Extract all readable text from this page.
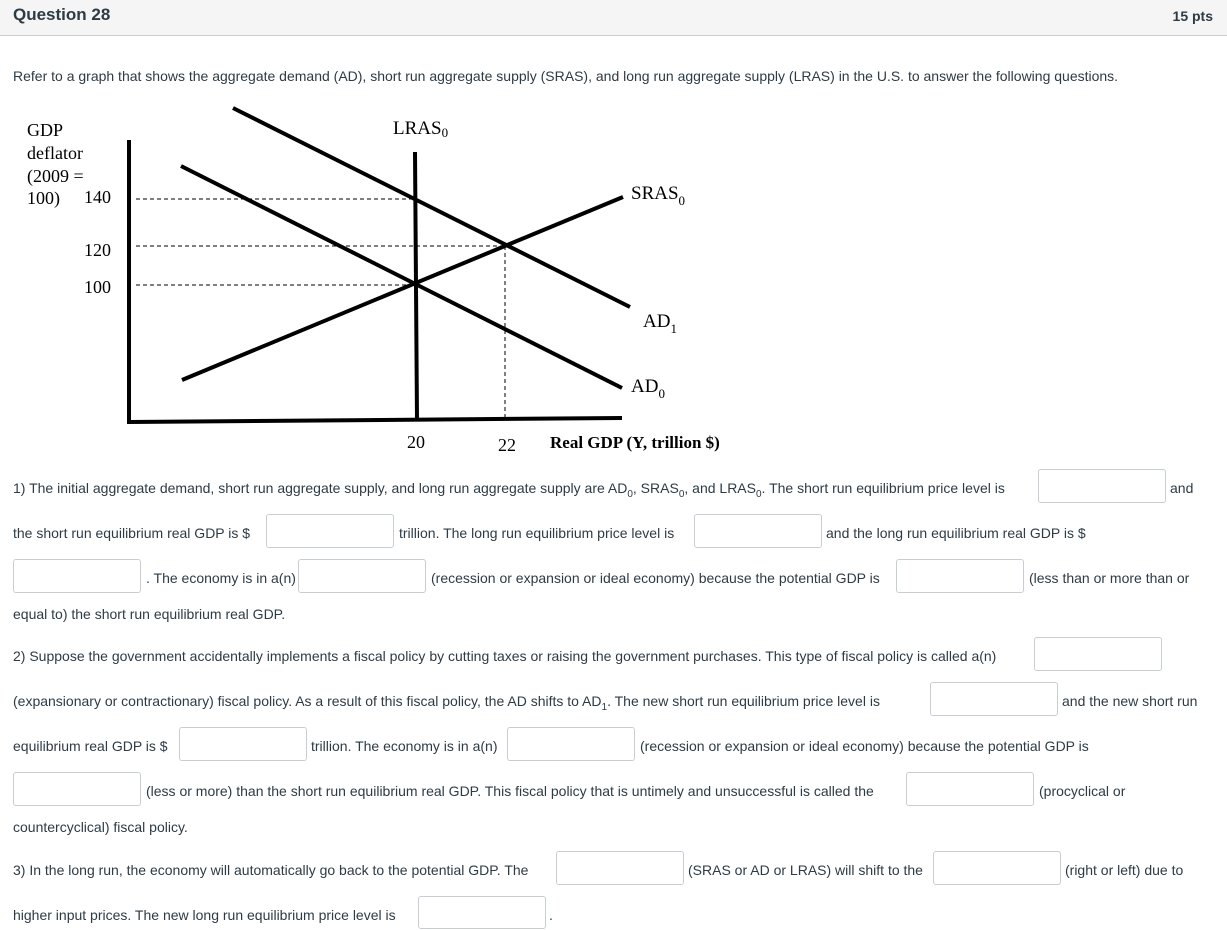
Question 28	15 pts
Refer to a graph that shows the aggregate demand (AD), short run aggregate supply (SRAS), and long run aggregate supply (LRAS) in the U.S. to answer the following questions.
GDP
deflator
(2009 =
100) 140
120
100
LRAS0
$SRAS_0$
$AD_1$
$AD_0$
20	22 Real GDP (Y, trillion $)
1) The initial aggregate demand, short run aggregate supply, and long run aggregate supply are $AD_0$, $SRAS_0$, and $LRAS_0$. The short run equilibrium price level is	and
the short run equilibrium real GDP is $	trillion. The long run equilibrium price level is	and the long run equilibrium real GDP is $
. The economy is in a(n)	(recession or expansion or ideal economy) because the potential GDP is	(less than or more than or
equal to) the short run equilibrium real GDP.
2) Suppose the government accidentally implements a fiscal policy by cutting taxes or raising the government purchases. This type of fiscal policy is called a(n)
(expansionary or contractionary) fiscal policy. As a result of this fiscal policy, the AD shifts to $AD_1$. The new short run equilibrium price level is	and the new short run
equilibrium real GDP is $	trillion. The economy is in a(n)	(recession or expansion or ideal economy) because the potential GDP is
(less or more) than the short run equilibrium real GDP. This fiscal policy that is untimely and unsuccessful is called the	(procyclical or
countercyclical) fiscal policy.
3) In the long run, the economy will automatically go back to the potential GDP. The	(SRAS or AD or LRAS) will shift to the	(right or left) due to
higher input prices. The new long run equilibrium price level is	.
